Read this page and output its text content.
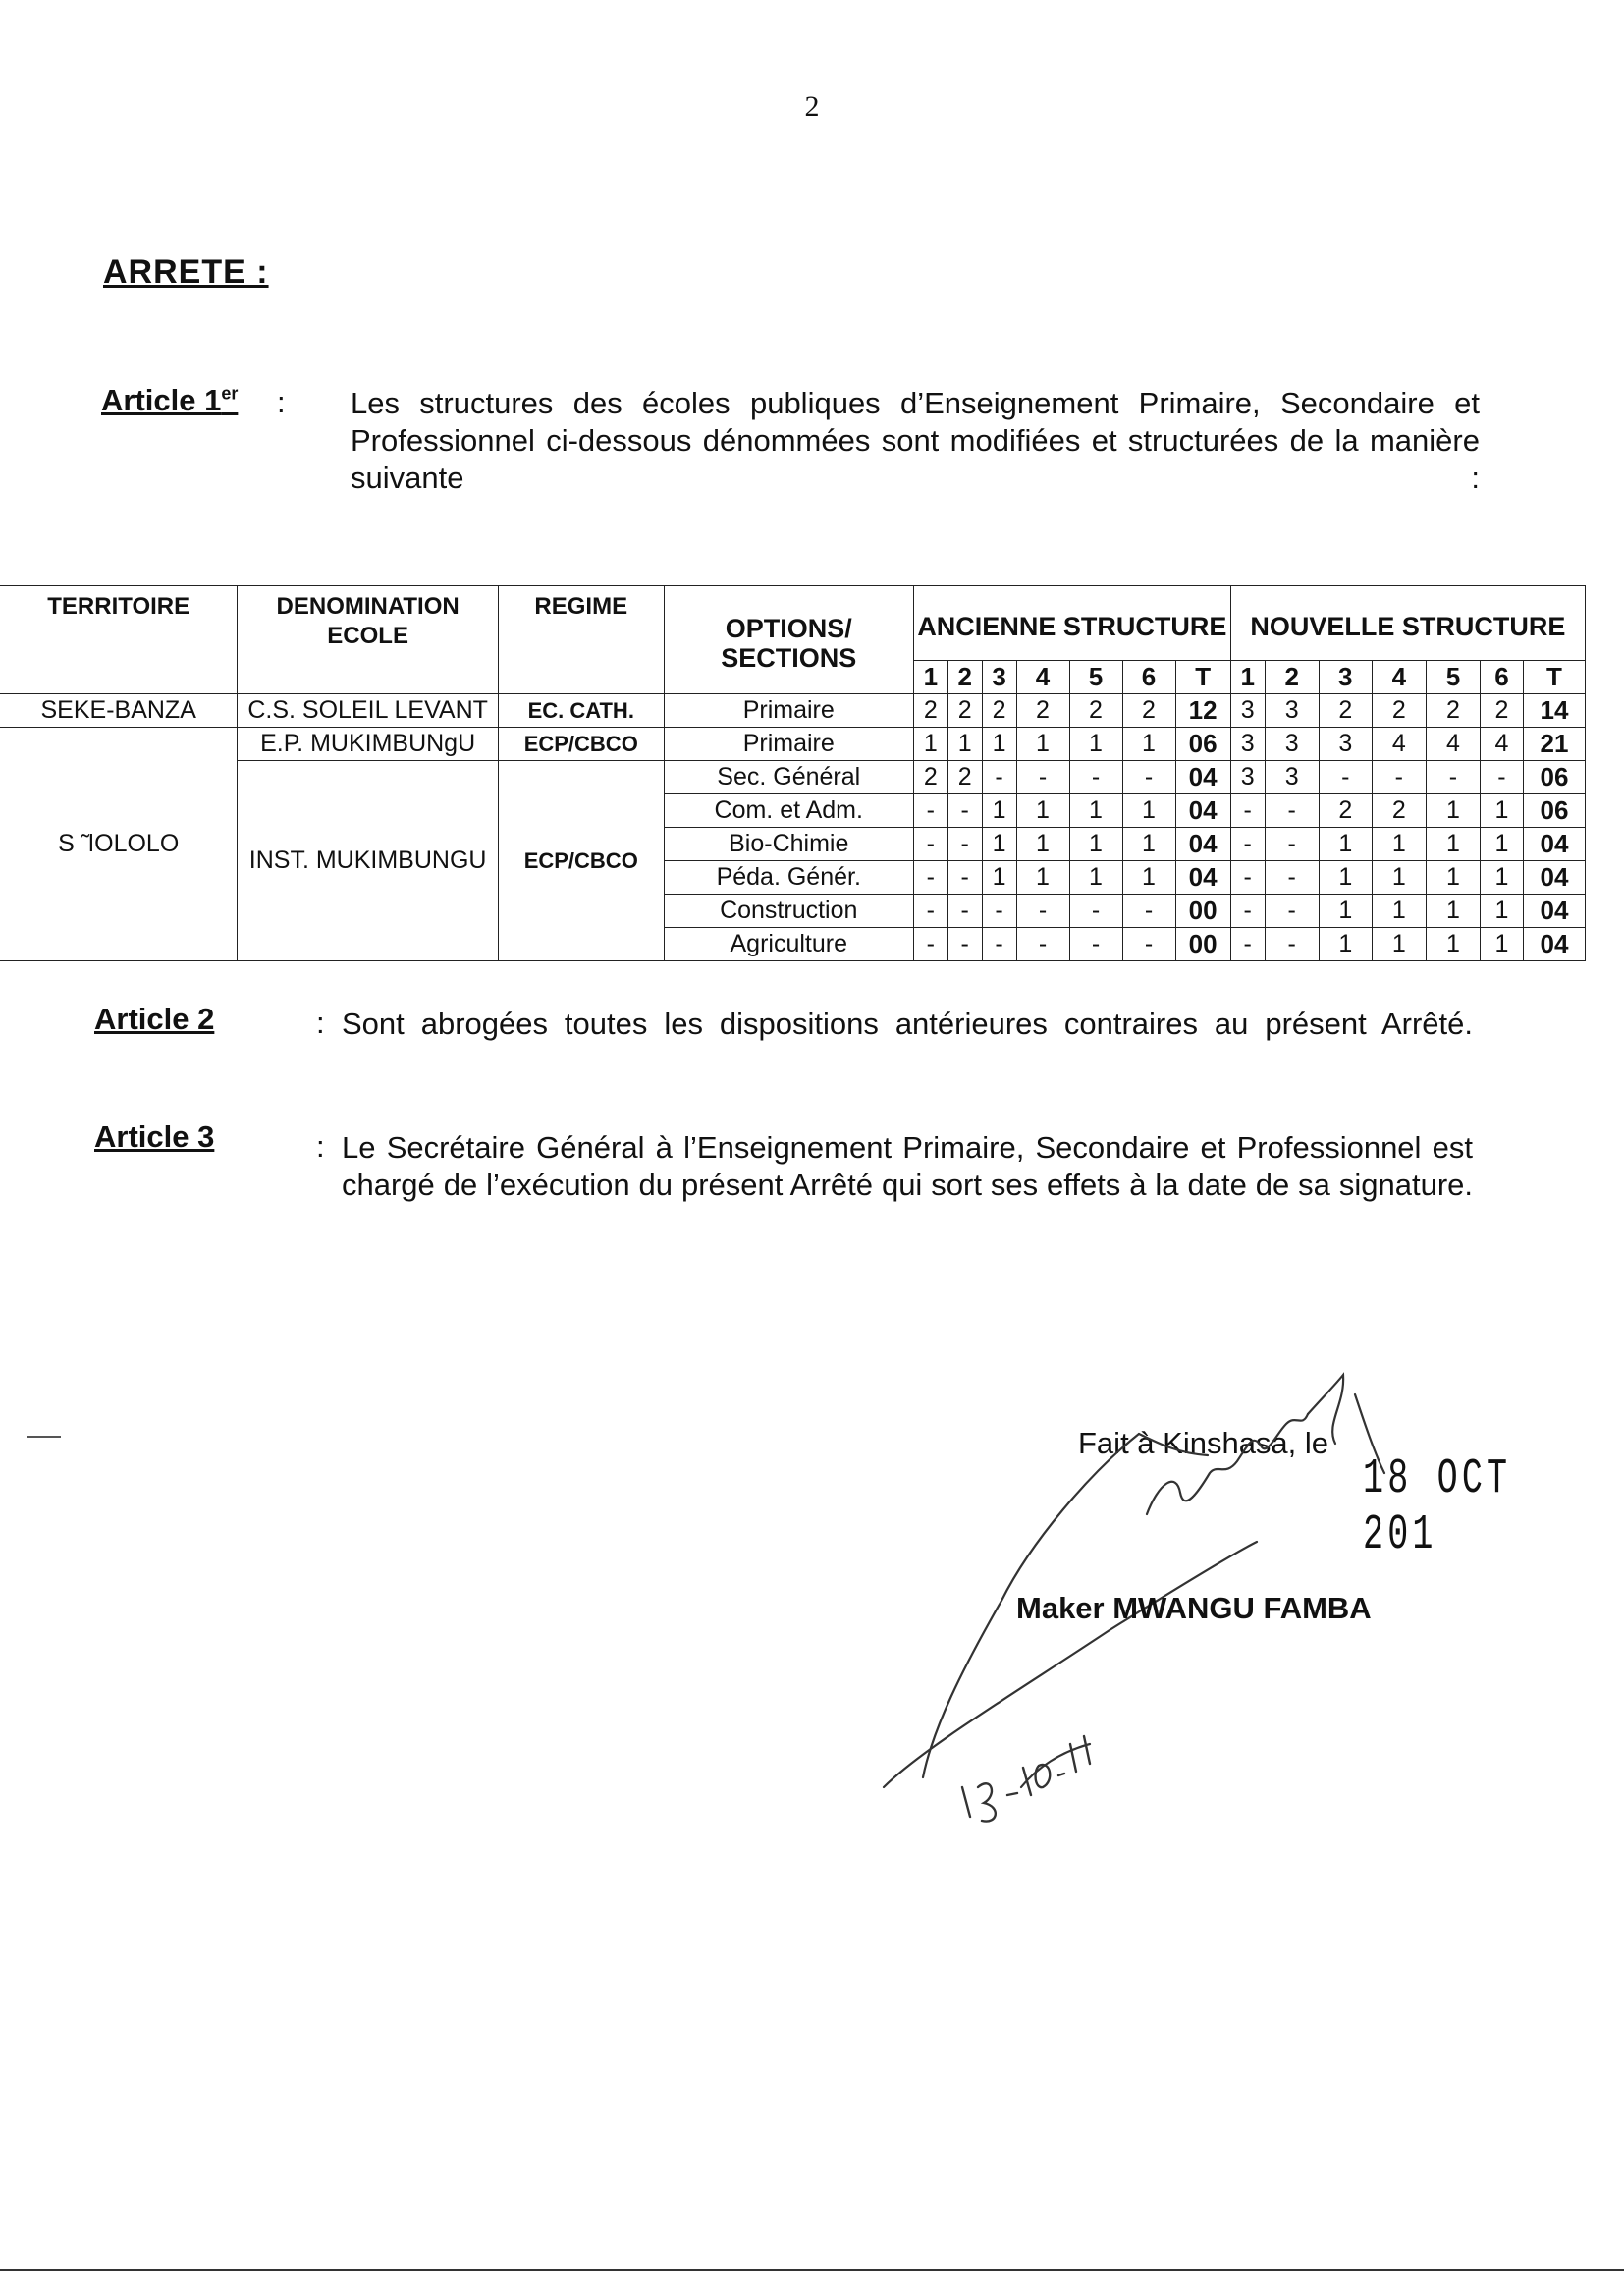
2
ARRETE :
Article 1er : Les structures des écoles publiques d’Enseignement Primaire, Secondaire et Professionnel ci-dessous dénommées sont modifiées et structurées de la manière suivante :
TERRITOIRE	DENOMINATION ECOLE	REGIME	OPTIONS/ SECTIONS	ANCIENNE STRUCTURE							NOUVELLE STRUCTURE						
				1	2	3	4	5	6	T	1	2	3	4	5	6	T
SEKE-BANZA	C.S. SOLEIL LEVANT	EC. CATH.	Primaire	2	2	2	2	2	2	12	3	3	2	2	2	2	14
S ̃ ǀOLOLO	E.P. MUKIMBUNgU	ECP/CBCO	Primaire	1	1	1	1	1	1	06	3	3	3	4	4	4	21
	INST. MUKIMBUNGU	ECP/CBCO	Sec. Général	2	2	-	-	-	-	04	3	3	-	-	-	-	06
			Com. et Adm.	-	-	1	1	1	1	04	-	-	2	2	1	1	06
			Bio-Chimie	-	-	1	1	1	1	04	-	-	1	1	1	1	04
			Péda. Génér.	-	-	1	1	1	1	04	-	-	1	1	1	1	04
			Construction	-	-	-	-	-	-	00	-	-	1	1	1	1	04
			Agriculture	-	-	-	-	-	-	00	-	-	1	1	1	1	04
Article 2	: Sont abrogées toutes les dispositions antérieures contraires au présent Arrêté.
Article 3	: Le Secrétaire Général à l’Enseignement Primaire, Secondaire et Professionnel est chargé de l’exécution du présent Arrêté qui sort ses effets à la date de sa signature.
Fait à Kinshasa, le
18 OCT 201
Maker MWANGU FAMBA
